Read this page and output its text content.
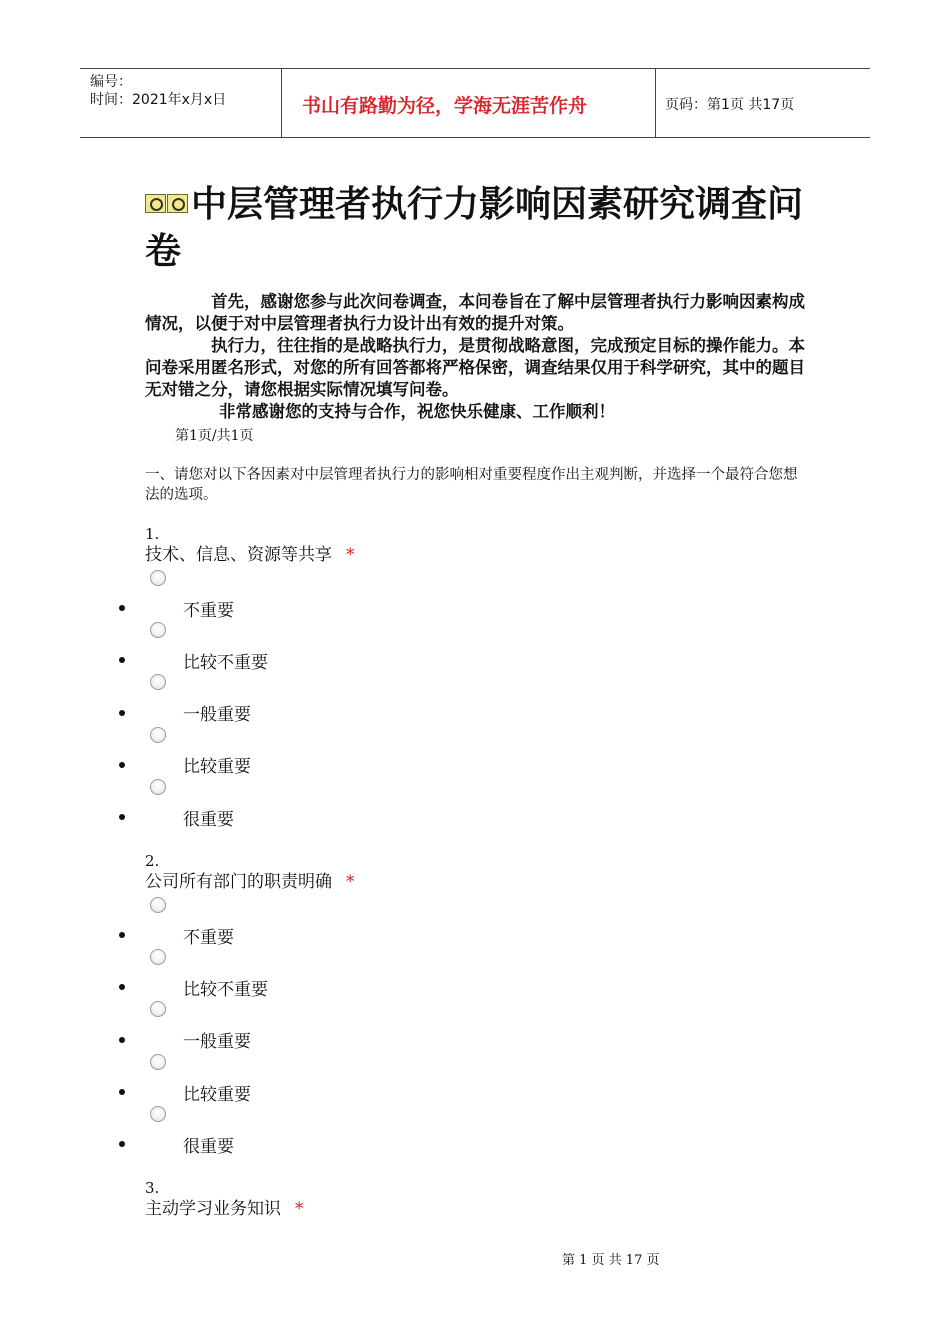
编号：
时间：2021年x月x日	书山有路勤为径，学海无涯苦作舟	页码：第1页 共17页
中层管理者执行力影响因素研究调查问卷

首先，感谢您参与此次问卷调查，本问卷旨在了解中层管理者执行力影响因素构成情况，以便于对中层管理者执行力设计出有效的提升对策。

执行力，往往指的是战略执行力，是贯彻战略意图，完成预定目标的操作能力。本问卷采用匿名形式，对您的所有回答都将严格保密，调查结果仅用于科学研究，其中的题目无对错之分，请您根据实际情况填写问卷。

非常感谢您的支持与合作，祝您快乐健康、工作顺利！

第1页/共1页
一、请您对以下各因素对中层管理者执行力的影响相对重要程度作出主观判断，并选择一个最符合您想法的选项。
1.
技术、信息、资源等共享 *
不重要
比较不重要
一般重要
比较重要
很重要
2.
公司所有部门的职责明确 *
不重要
比较不重要
一般重要
比较重要
很重要
3.
主动学习业务知识 *
第 1 页 共 17 页
